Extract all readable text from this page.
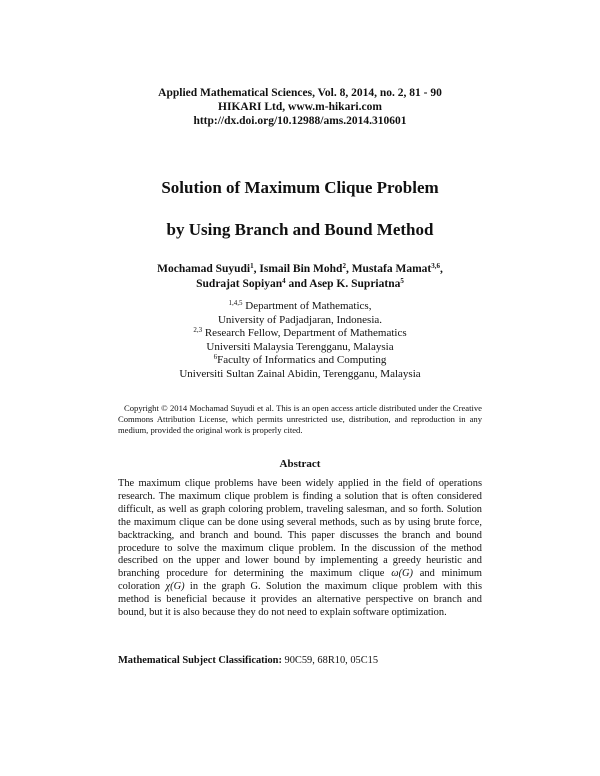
Applied Mathematical Sciences, Vol. 8, 2014, no. 2, 81 - 90
HIKARI Ltd, www.m-hikari.com
http://dx.doi.org/10.12988/ams.2014.310601
Solution of Maximum Clique Problem
by Using Branch and Bound Method
Mochamad Suyudi$^1$, Ismail Bin Mohd$^2$, Mustafa Mamat$^{3,6}$,
Sudrajat Sopiyan$^4$ and Asep K. Supriatna$^5$
$^{1,4,5}$ Department of Mathematics,
University of Padjadjaran, Indonesia.
$^{2,3}$ Research Fellow, Department of Mathematics
Universiti Malaysia Terengganu, Malaysia
$^6$Faculty of Informatics and Computing
Universiti Sultan Zainal Abidin, Terengganu, Malaysia
Copyright © 2014 Mochamad Suyudi et al. This is an open access article distributed under the Creative Commons Attribution License, which permits unrestricted use, distribution, and reproduction in any medium, provided the original work is properly cited.
Abstract
The maximum clique problems have been widely applied in the field of operations research. The maximum clique problem is finding a solution that is often considered difficult, as well as graph coloring problem, traveling salesman, and so forth. Solution the maximum clique can be done using several methods, such as by using brute force, backtracking, and branch and bound. This paper discusses the branch and bound procedure to solve the maximum clique problem. In the discussion of the method described on the upper and lower bound by implementing a greedy heuristic and branching procedure for determining the maximum clique ω(G) and minimum coloration χ(G) in the graph G. Solution the maximum clique problem with this method is beneficial because it provides an alternative perspective on branch and bound, but it is also because they do not need to explain software optimization.
Mathematical Subject Classification: 90C59, 68R10, 05C15
